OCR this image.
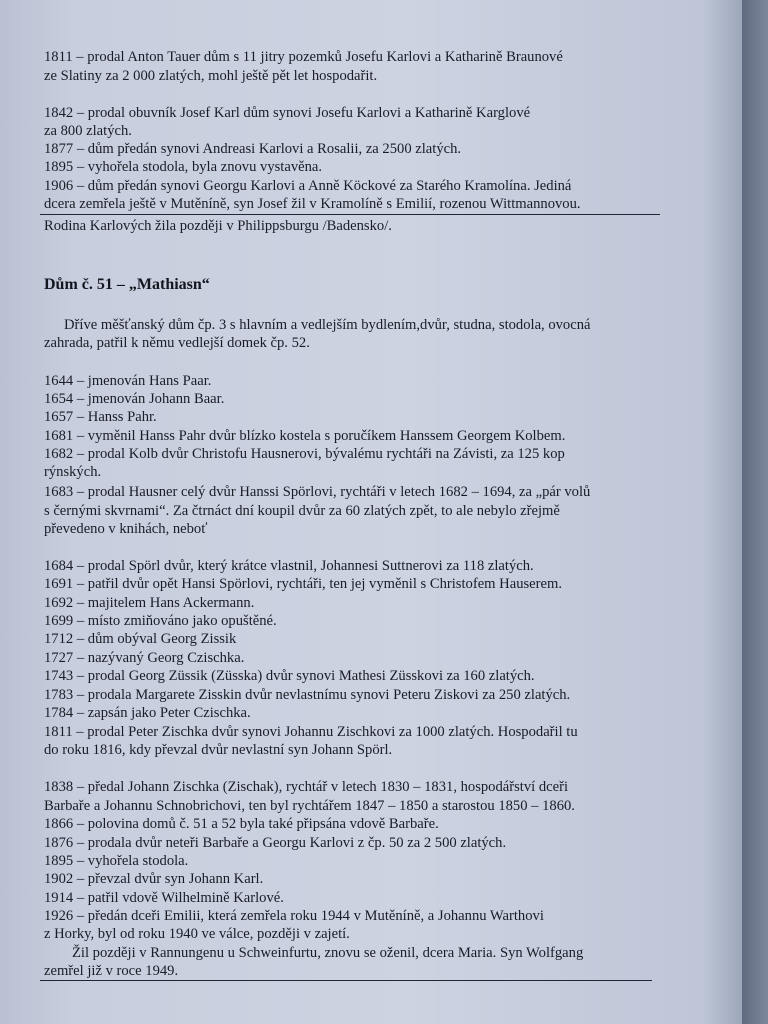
1811 – prodal Anton Tauer dům s 11 jitry pozemků Josefu Karlovi a Katharině Braunové
ze Slatiny za 2 000 zlatých, mohl ještě pět let hospodařit.
1842 – prodal obuvník Josef Karl dům synovi Josefu Karlovi a Katharině Karglové
za 800 zlatých.
1877 – dům předán synovi Andreasi Karlovi a Rosalii, za 2500 zlatých.
1895 – vyhořela stodola, byla znovu vystavěna.
1906 – dům předán synovi Georgu Karlovi a Anně Köckové za Starého Kramolína. Jediná
dcera zemřela ještě v Mutěníně, syn Josef žil v Kramolíně s Emilií, rozenou Wittmannovou.
Rodina Karlových žila později v Philippsburgu /Badensko/.
Dům č. 51 – „Mathiasn“
Dříve měšťanský dům čp. 3 s hlavním a vedlejším bydlením,dvůr, studna, stodola, ovocná
zahrada, patřil k němu vedlejší domek čp. 52.
1644 – jmenován Hans Paar.
1654 – jmenován Johann Baar.
1657 – Hanss Pahr.
1681 – vyměnil Hanss Pahr dvůr blízko kostela s poručíkem Hanssem Georgem Kolbem.
1682 – prodal Kolb dvůr Christofu Hausnerovi, bývalému rychtáři na Závisti, za 125 kop
rýnských.
1683 – prodal Hausner celý dvůr Hanssi Spörlovi, rychtáři v letech 1682 – 1694, za „pár volů
s černými skvrnami“. Za čtrnáct dní koupil dvůr za 60 zlatých zpět, to ale nebylo zřejmě
převedeno v knihách, neboť
1684 – prodal Spörl dvůr, který krátce vlastnil, Johannesi Suttnerovi za 118 zlatých.
1691 – patřil dvůr opět Hansi Spörlovi, rychtáři, ten jej vyměnil s Christofem Hauserem.
1692 – majitelem Hans Ackermann.
1699 – místo zmiňováno jako opuštěné.
1712 – dům obýval Georg Zissik
1727 – nazývaný Georg Czischka.
1743 – prodal Georg Züssik (Züsska) dvůr synovi Mathesi Züsskovi za 160 zlatých.
1783 – prodala Margarete Zisskin dvůr nevlastnímu synovi Peteru Ziskovi za 250 zlatých.
1784 – zapsán jako Peter Czischka.
1811 – prodal Peter Zischka dvůr synovi Johannu Zischkovi za 1000 zlatých. Hospodařil tu
do roku 1816, kdy převzal dvůr nevlastní syn Johann Spörl.
1838 – předal Johann Zischka (Zischak), rychtář v letech 1830 – 1831, hospodářství dceři
Barbaře a Johannu Schnobrichovi, ten byl rychtářem 1847 – 1850 a starostou 1850 – 1860.
1866 – polovina domů č. 51 a 52 byla také připsána vdově Barbaře.
1876 – prodala dvůr neteři Barbaře a Georgu Karlovi z čp. 50 za 2 500 zlatých.
1895 – vyhořela stodola.
1902 – převzal dvůr syn Johann Karl.
1914 – patřil vdově Wilhelmině Karlové.
1926 – předán dceři Emilii, která zemřela roku 1944 v Mutěníně, a Johannu Warthovi
z Horky, byl od roku 1940 ve válce, později v zajetí.
Žil později v Rannungenu u Schweinfurtu, znovu se oženil, dcera Maria. Syn Wolfgang
zemřel již v roce 1949.
